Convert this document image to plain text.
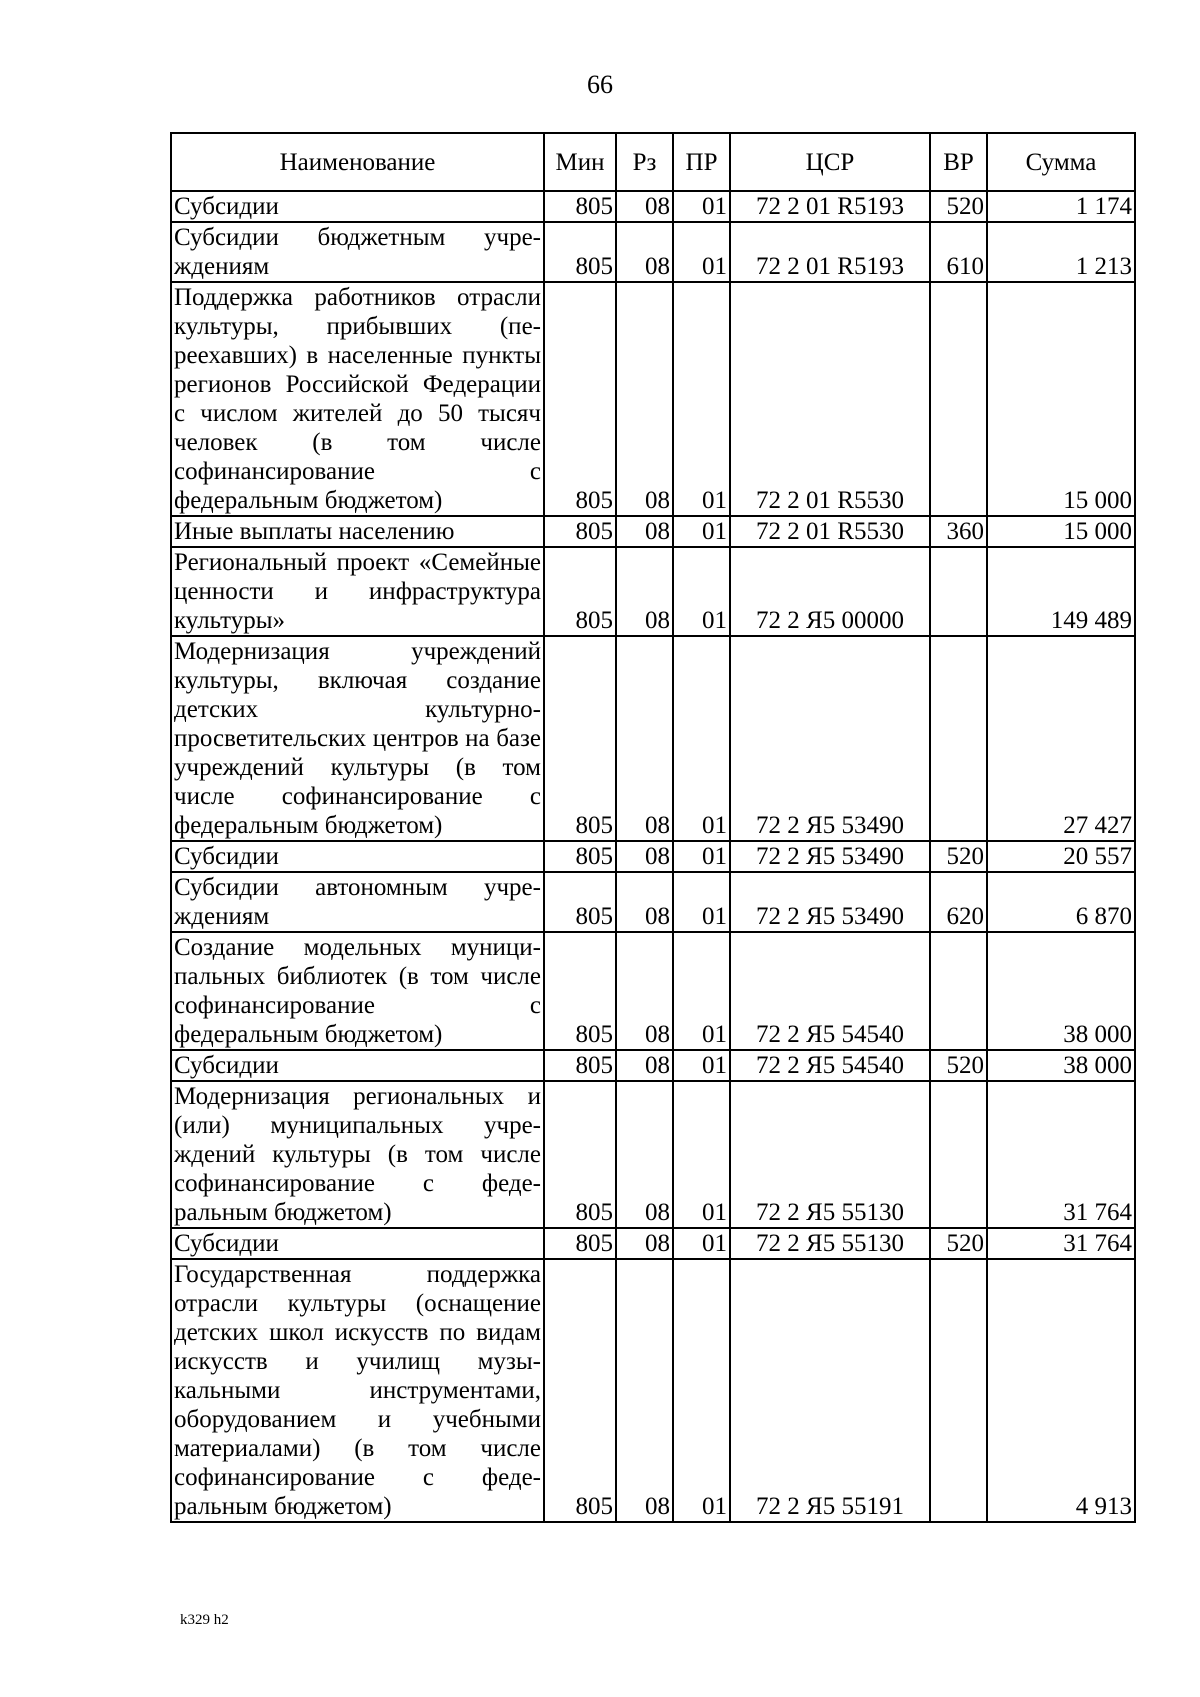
66
Наименование	Мин	Рз	ПР	ЦСР	ВР	Сумма
Субсидии	805	08	01	72 2 01 R5193	520	1 174
Субсидии бюджетным учреждениям	805	08	01	72 2 01 R5193	610	1 213
Поддержка работников отрасли культуры, прибывших (переехавших) в населенные пункты регионов Российской Федерации с числом жителей до 50 тысяч человек (в том числе софинансирование с федеральным бюджетом)	805	08	01	72 2 01 R5530		15 000
Иные выплаты населению	805	08	01	72 2 01 R5530	360	15 000
Региональный проект «Семейные ценности и инфраструктура культуры»	805	08	01	72 2 Я5 00000		149 489
Модернизация учреждений культуры, включая создание детских культурно-просветительских центров на базе учреждений культуры (в том числе софинансирование с федеральным бюджетом)	805	08	01	72 2 Я5 53490		27 427
Субсидии	805	08	01	72 2 Я5 53490	520	20 557
Субсидии автономным учреждениям	805	08	01	72 2 Я5 53490	620	6 870
Создание модельных муниципальных библиотек (в том числе софинансирование с федеральным бюджетом)	805	08	01	72 2 Я5 54540		38 000
Субсидии	805	08	01	72 2 Я5 54540	520	38 000
Модернизация региональных и (или) муниципальных учреждений культуры (в том числе софинансирование с федеральным бюджетом)	805	08	01	72 2 Я5 55130		31 764
Субсидии	805	08	01	72 2 Я5 55130	520	31 764
Государственная поддержка отрасли культуры (оснащение детских школ искусств по видам искусств и училищ музыкальными инструментами, оборудованием и учебными материалами) (в том числе софинансирование с федеральным бюджетом)	805	08	01	72 2 Я5 55191		4 913
k329 h2
